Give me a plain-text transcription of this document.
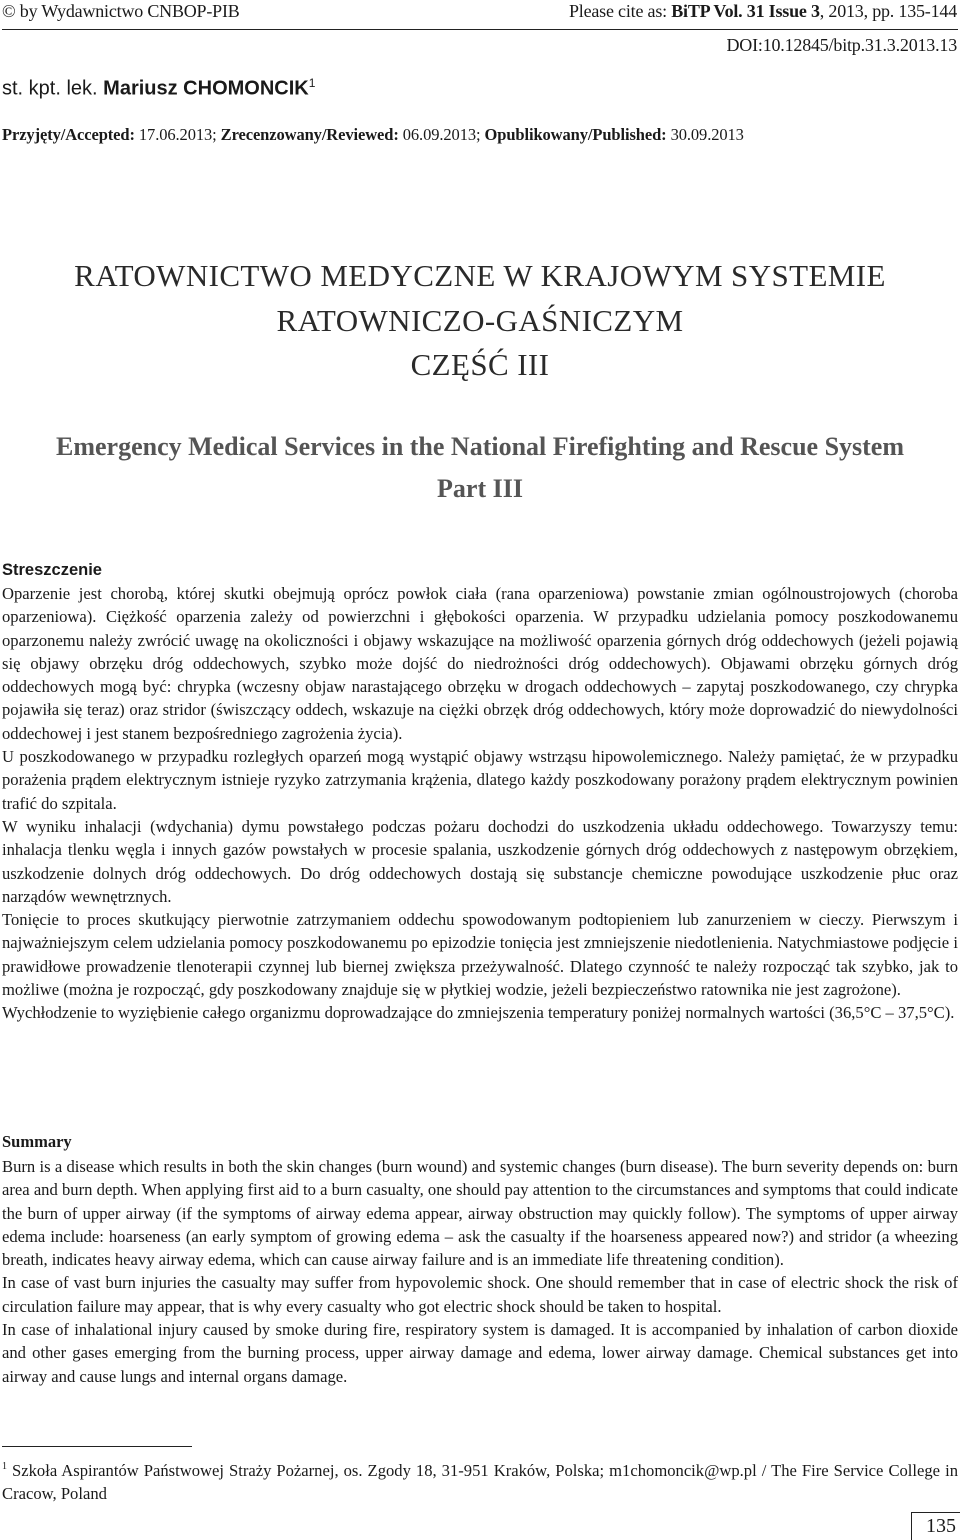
© by Wydawnictwo CNBOP-PIB	Please cite as: BiTP Vol. 31 Issue 3, 2013, pp. 135-144
DOI:10.12845/bitp.31.3.2013.13
st. kpt. lek. Mariusz CHOMONCIK$^1$
Przyjęty/Accepted: 17.06.2013; Zrecenzowany/Reviewed: 06.09.2013; Opublikowany/Published: 30.09.2013
RATOWNICTWO MEDYCZNE W KRAJOWYM SYSTEMIE
RATOWNICZO-GAŚNICZYM
CZĘŚĆ III
Emergency Medical Services in the National Firefighting and Rescue System
Part III
Streszczenie

Oparzenie jest chorobą, której skutki obejmują oprócz powłok ciała (rana oparzeniowa) powstanie zmian ogólnoustrojowych (choroba oparzeniowa). Ciężkość oparzenia zależy od powierzchni i głębokości oparzenia. W przypadku udzielania pomocy poszkodowanemu oparzonemu należy zwrócić uwagę na okoliczności i objawy wskazujące na możliwość oparzenia górnych dróg oddechowych (jeżeli pojawią się objawy obrzęku dróg oddechowych, szybko może dojść do niedrożności dróg oddechowych). Objawami obrzęku górnych dróg oddechowych mogą być: chrypka (wczesny objaw narastającego obrzęku w drogach oddechowych – zapytaj poszkodowanego, czy chrypka pojawiła się teraz) oraz stridor (świszczący oddech, wskazuje na ciężki obrzęk dróg oddechowych, który może doprowadzić do niewydolności oddechowej i jest stanem bezpośredniego zagrożenia życia).

U poszkodowanego w przypadku rozległych oparzeń mogą wystąpić objawy wstrząsu hipowolemicznego. Należy pamiętać, że w przypadku porażenia prądem elektrycznym istnieje ryzyko zatrzymania krążenia, dlatego każdy poszkodowany porażony prądem elektrycznym powinien trafić do szpitala.

W wyniku inhalacji (wdychania) dymu powstałego podczas pożaru dochodzi do uszkodzenia układu oddechowego. Towarzyszy temu: inhalacja tlenku węgla i innych gazów powstałych w procesie spalania, uszkodzenie górnych dróg oddechowych z następowym obrzękiem, uszkodzenie dolnych dróg oddechowych. Do dróg oddechowych dostają się substancje chemiczne powodujące uszkodzenie płuc oraz narządów wewnętrznych.

Tonięcie to proces skutkujący pierwotnie zatrzymaniem oddechu spowodowanym podtopieniem lub zanurzeniem w cieczy. Pierwszym i najważniejszym celem udzielania pomocy poszkodowanemu po epizodzie tonięcia jest zmniejszenie niedotlenienia. Natychmiastowe podjęcie i prawidłowe prowadzenie tlenoterapii czynnej lub biernej zwiększa przeżywalność. Dlatego czynność te należy rozpocząć tak szybko, jak to możliwe (można je rozpocząć, gdy poszkodowany znajduje się w płytkiej wodzie, jeżeli bezpieczeństwo ratownika nie jest zagrożone).

Wychłodzenie to wyziębienie całego organizmu doprowadzające do zmniejszenia temperatury poniżej normalnych wartości (36,5°C – 37,5°C).

Summary

Burn is a disease which results in both the skin changes (burn wound) and systemic changes (burn disease). The burn severity depends on: burn area and burn depth. When applying first aid to a burn casualty, one should pay attention to the circumstances and symptoms that could indicate the burn of upper airway (if the symptoms of airway edema appear, airway obstruction may quickly follow). The symptoms of upper airway edema include: hoarseness (an early symptom of growing edema – ask the casualty if the hoarseness appeared now?) and stridor (a wheezing breath, indicates heavy airway edema, which can cause airway failure and is an immediate life threatening condition).

In case of vast burn injuries the casualty may suffer from hypovolemic shock. One should remember that in case of electric shock the risk of circulation failure may appear, that is why every casualty who got electric shock should be taken to hospital.

In case of inhalational injury caused by smoke during fire, respiratory system is damaged. It is accompanied by inhalation of carbon dioxide and other gases emerging from the burning process, upper airway damage and edema, lower airway damage. Chemical substances get into airway and cause lungs and internal organs damage.

$^1$ Szkoła Aspirantów Państwowej Straży Pożarnej, os. Zgody 18, 31-951 Kraków, Polska; m1chomoncik@wp.pl / The Fire Service College in Cracow, Poland
135
